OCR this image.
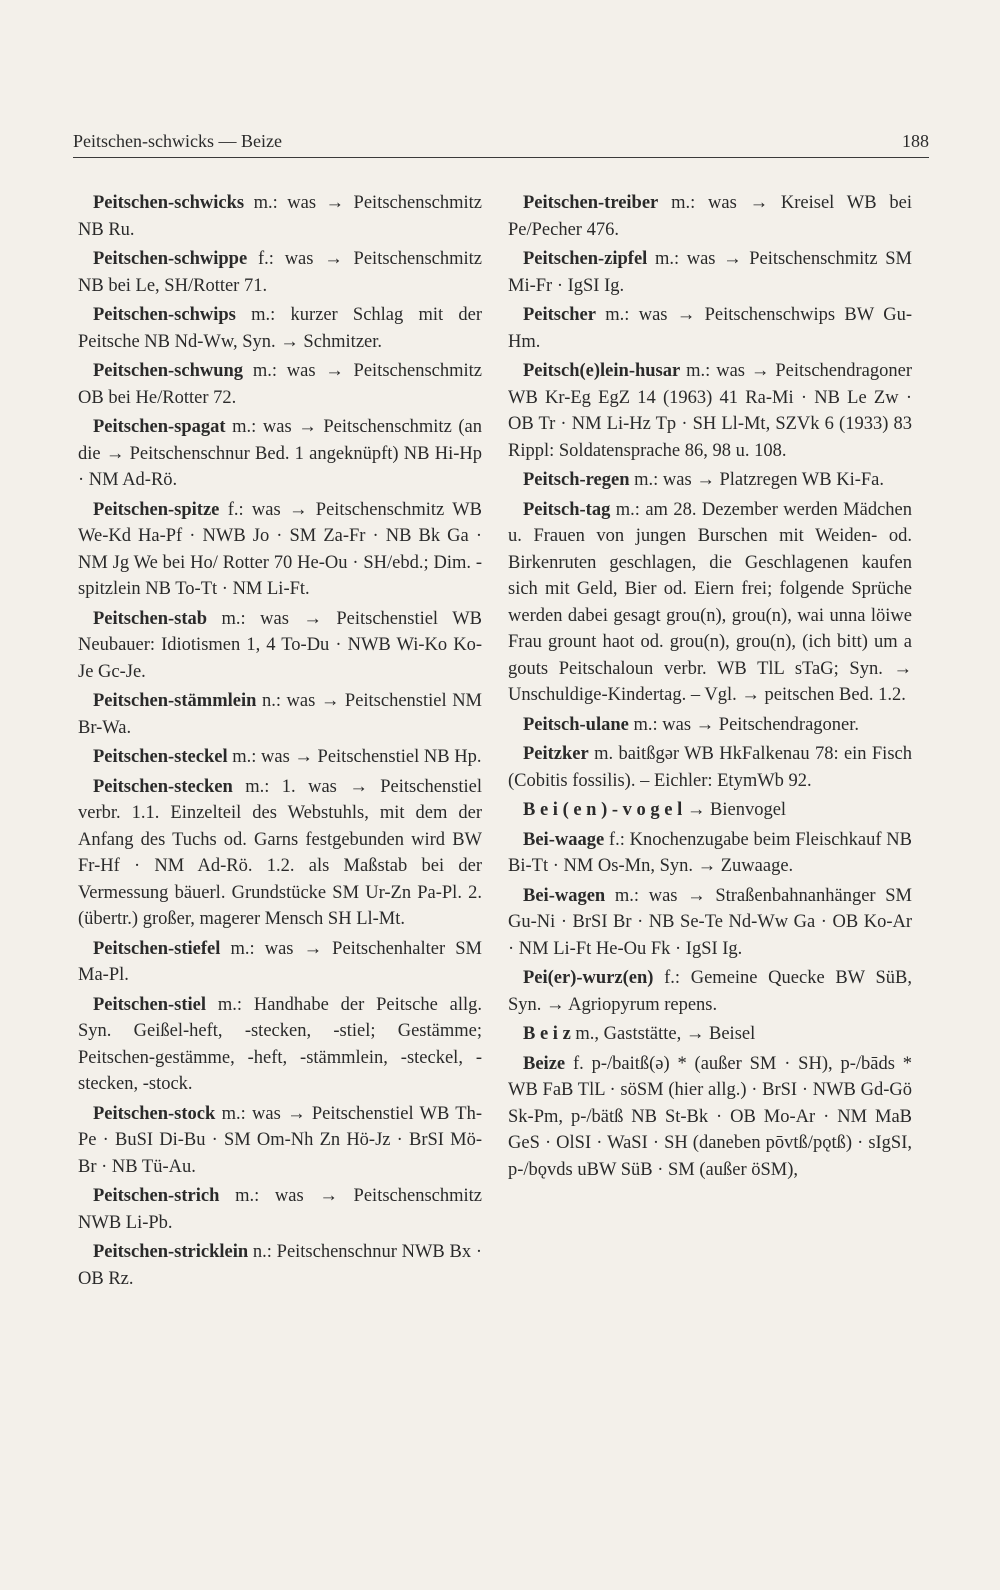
Peitschen-schwicks — Beize	188

Peitschen-schwicks m.: was → Peitschenschmitz NB Ru.

Peitschen-schwippe f.: was → Peitschenschmitz NB bei Le, SH/Rotter 71.

Peitschen-schwips m.: kurzer Schlag mit der Peitsche NB Nd-Ww, Syn. → Schmitzer.

Peitschen-schwung m.: was → Peitschenschmitz OB bei He/Rotter 72.

Peitschen-spagat m.: was → Peitschenschmitz (an die → Peitschenschnur Bed. 1 angeknüpft) NB Hi-Hp · NM Ad-Rö.

Peitschen-spitze f.: was → Peitschenschmitz WB We-Kd Ha-Pf · NWB Jo · SM Za-Fr · NB Bk Ga · NM Jg We bei Ho/ Rotter 70 He-Ou · SH/ebd.; Dim. -spitzlein NB To-Tt · NM Li-Ft.

Peitschen-stab m.: was → Peitschenstiel WB Neubauer: Idiotismen 1, 4 To-Du · NWB Wi-Ko Ko-Je Gc-Je.

Peitschen-stämmlein n.: was → Peitschenstiel NM Br-Wa.

Peitschen-steckel m.: was → Peitschenstiel NB Hp.

Peitschen-stecken m.: 1. was → Peitschenstiel verbr. 1.1. Einzelteil des Webstuhls, mit dem der Anfang des Tuchs od. Garns festgebunden wird BW Fr-Hf · NM Ad-Rö. 1.2. als Maßstab bei der Vermessung bäuerl. Grundstücke SM Ur-Zn Pa-Pl. 2. (übertr.) großer, magerer Mensch SH Ll-Mt.

Peitschen-stiefel m.: was → Peitschenhalter SM Ma-Pl.

Peitschen-stiel m.: Handhabe der Peitsche allg. Syn. Geißel-heft, -stecken, -stiel; Gestämme; Peitschen-gestämme, -heft, -stämmlein, -steckel, -stecken, -stock.

Peitschen-stock m.: was → Peitschenstiel WB Th-Pe · BuSI Di-Bu · SM Om-Nh Zn Hö-Jz · BrSI Mö-Br · NB Tü-Au.

Peitschen-strich m.: was → Peitschenschmitz NWB Li-Pb.

Peitschen-stricklein n.: Peitschenschnur NWB Bx · OB Rz.

Peitschen-treiber m.: was → Kreisel WB bei Pe/Pecher 476.

Peitschen-zipfel m.: was → Peitschenschmitz SM Mi-Fr · IgSI Ig.

Peitscher m.: was → Peitschenschwips BW Gu-Hm.

Peitsch(e)lein-husar m.: was → Peitschendragoner WB Kr-Eg EgZ 14 (1963) 41 Ra-Mi · NB Le Zw · OB Tr · NM Li-Hz Tp · SH Ll-Mt, SZVk 6 (1933) 83 Rippl: Soldatensprache 86, 98 u. 108.

Peitsch-regen m.: was → Platzregen WB Ki-Fa.

Peitsch-tag m.: am 28. Dezember werden Mädchen u. Frauen von jungen Burschen mit Weiden- od. Birkenruten geschlagen, die Geschlagenen kaufen sich mit Geld, Bier od. Eiern frei; folgende Sprüche werden dabei gesagt grou(n), grou(n), wai unna löiwe Frau grount haot od. grou(n), grou(n), (ich bitt) um a gouts Peitschaloun verbr. WB TlL sTaG; Syn. → Unschuldige-Kindertag. – Vgl. → peitschen Bed. 1.2.

Peitsch-ulane m.: was → Peitschendragoner.

Peitzker m. baitßgər WB HkFalkenau 78: ein Fisch (Cobitis fossilis). – Eichler: EtymWb 92.

B e i ( e n ) - v o g e l → Bienvogel

Bei-waage f.: Knochenzugabe beim Fleischkauf NB Bi-Tt · NM Os-Mn, Syn. → Zuwaage.

Bei-wagen m.: was → Straßenbahnanhänger SM Gu-Ni · BrSI Br · NB Se-Te Nd-Ww Ga · OB Ko-Ar · NM Li-Ft He-Ou Fk · IgSI Ig.

Pei(er)-wurz(en) f.: Gemeine Quecke BW SüB, Syn. → Agriopyrum repens.

B e i z m., Gaststätte, → Beisel

Beize f. p-/baitß(ə) * (außer SM · SH), p-/bāds * WB FaB TlL · söSM (hier allg.) · BrSI · NWB Gd-Gö Sk-Pm, p-/bätß NB St-Bk · OB Mo-Ar · NM MaB GeS · OlSI · WaSI · SH (daneben pōvtß/pǫtß) · sIgSI, p-/bǫvds uBW SüB · SM (außer öSM),
